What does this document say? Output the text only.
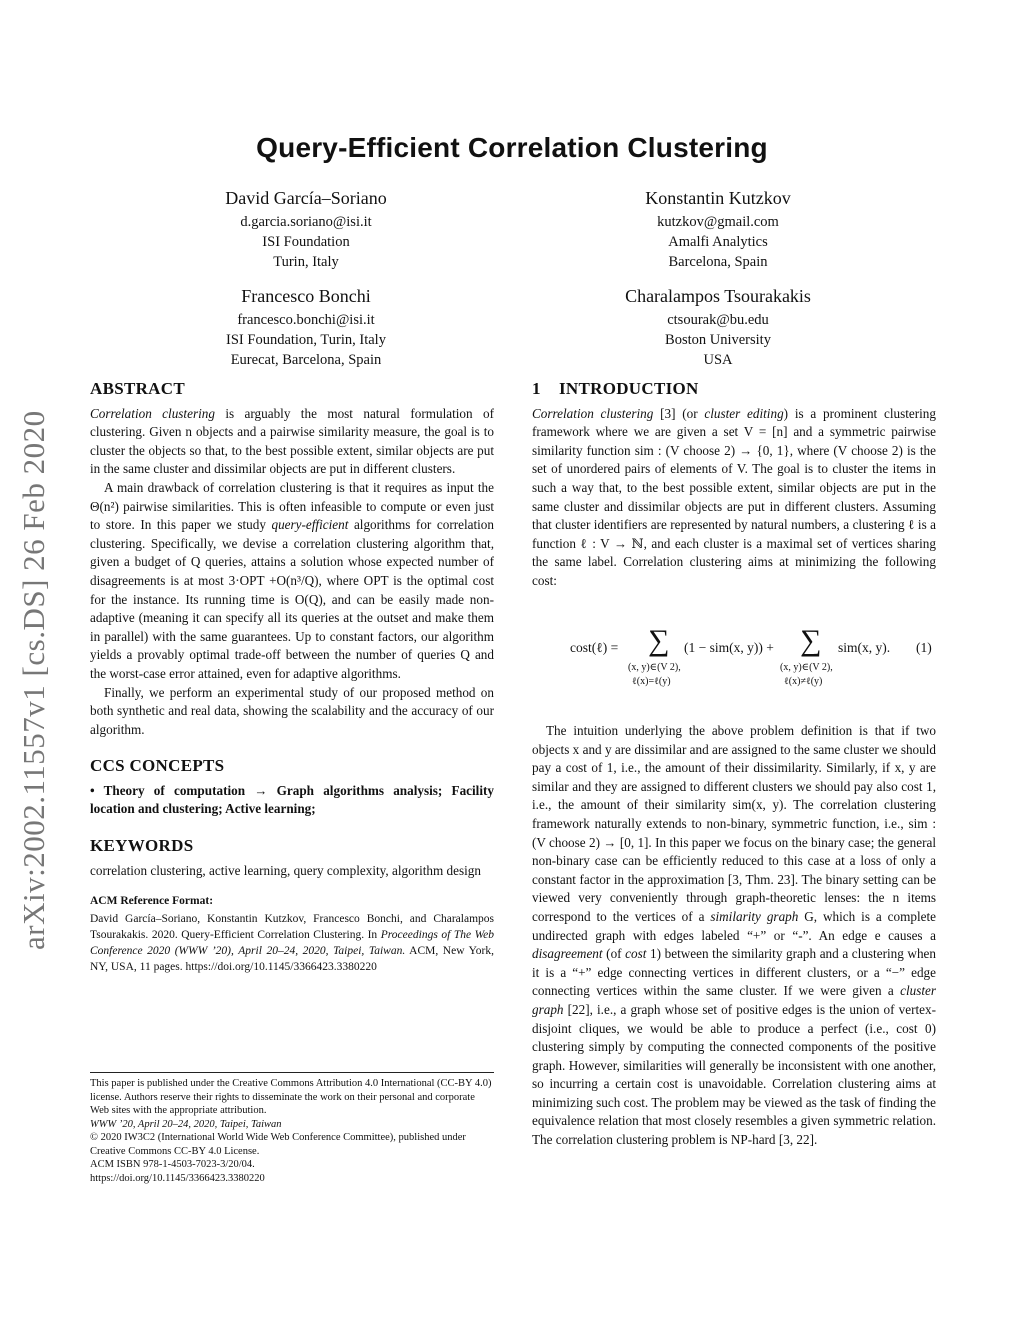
arXiv:2002.11557v1 [cs.DS] 26 Feb 2020
Query-Efficient Correlation Clustering
David García–Soriano
d.garcia.soriano@isi.it
ISI Foundation
Turin, Italy
Konstantin Kutzkov
kutzkov@gmail.com
Amalfi Analytics
Barcelona, Spain
Francesco Bonchi
francesco.bonchi@isi.it
ISI Foundation, Turin, Italy
Eurecat, Barcelona, Spain
Charalampos Tsourakakis
ctsourak@bu.edu
Boston University
USA
ABSTRACT

Correlation clustering is arguably the most natural formulation of clustering. Given n objects and a pairwise similarity measure, the goal is to cluster the objects so that, to the best possible extent, similar objects are put in the same cluster and dissimilar objects are put in different clusters.

A main drawback of correlation clustering is that it requires as input the Θ(n²) pairwise similarities. This is often infeasible to compute or even just to store. In this paper we study query-efficient algorithms for correlation clustering. Specifically, we devise a correlation clustering algorithm that, given a budget of Q queries, attains a solution whose expected number of disagreements is at most 3·OPT +O(n³/Q), where OPT is the optimal cost for the instance. Its running time is O(Q), and can be easily made non-adaptive (meaning it can specify all its queries at the outset and make them in parallel) with the same guarantees. Up to constant factors, our algorithm yields a provably optimal trade-off between the number of queries Q and the worst-case error attained, even for adaptive algorithms.

Finally, we perform an experimental study of our proposed method on both synthetic and real data, showing the scalability and the accuracy of our algorithm.

CCS CONCEPTS

• Theory of computation → Graph algorithms analysis; Facility location and clustering; Active learning;

KEYWORDS

correlation clustering, active learning, query complexity, algorithm design

ACM Reference Format:

David García–Soriano, Konstantin Kutzkov, Francesco Bonchi, and Charalampos Tsourakakis. 2020. Query-Efficient Correlation Clustering. In Proceedings of The Web Conference 2020 (WWW ’20), April 20–24, 2020, Taipei, Taiwan. ACM, New York, NY, USA, 11 pages. https://doi.org/10.1145/3366423.3380220

This paper is published under the Creative Commons Attribution 4.0 International (CC-BY 4.0) license. Authors reserve their rights to disseminate the work on their personal and corporate Web sites with the appropriate attribution.

WWW ’20, April 20–24, 2020, Taipei, Taiwan

© 2020 IW3C2 (International World Wide Web Conference Committee), published under Creative Commons CC-BY 4.0 License.

ACM ISBN 978-1-4503-7023-3/20/04.

https://doi.org/10.1145/3366423.3380220

1    INTRODUCTION

Correlation clustering [3] (or cluster editing) is a prominent clustering framework where we are given a set V = [n] and a symmetric pairwise similarity function sim : (V choose 2) → {0, 1}, where (V choose 2) is the set of unordered pairs of elements of V. The goal is to cluster the items in such a way that, to the best possible extent, similar objects are put in the same cluster and dissimilar objects are put in different clusters. Assuming that cluster identifiers are represented by natural numbers, a clustering ℓ is a function ℓ : V → ℕ, and each cluster is a maximal set of vertices sharing the same label. Correlation clustering aims at minimizing the following cost:

cost(ℓ) = ∑ (1 − sim(x, y)) + ∑ sim(x, y). (1)
(x, y)∈(V 2),
ℓ(x)=ℓ(y)
(x, y)∈(V 2),
ℓ(x)≠ℓ(y)

The intuition underlying the above problem definition is that if two objects x and y are dissimilar and are assigned to the same cluster we should pay a cost of 1, i.e., the amount of their dissimilarity. Similarly, if x, y are similar and they are assigned to different clusters we should pay also cost 1, i.e., the amount of their similarity sim(x, y). The correlation clustering framework naturally extends to non-binary, symmetric function, i.e., sim : (V choose 2) → [0, 1]. In this paper we focus on the binary case; the general non-binary case can be efficiently reduced to this case at a loss of only a constant factor in the approximation [3, Thm. 23]. The binary setting can be viewed very conveniently through graph-theoretic lenses: the n items correspond to the vertices of a similarity graph G, which is a complete undirected graph with edges labeled “+” or “-”. An edge e causes a disagreement (of cost 1) between the similarity graph and a clustering when it is a “+” edge connecting vertices in different clusters, or a “−” edge connecting vertices within the same cluster. If we were given a cluster graph [22], i.e., a graph whose set of positive edges is the union of vertex-disjoint cliques, we would be able to produce a perfect (i.e., cost 0) clustering simply by computing the connected components of the positive graph. However, similarities will generally be inconsistent with one another, so incurring a certain cost is unavoidable. Correlation clustering aims at minimizing such cost. The problem may be viewed as the task of finding the equivalence relation that most closely resembles a given symmetric relation. The correlation clustering problem is NP-hard [3, 22].
